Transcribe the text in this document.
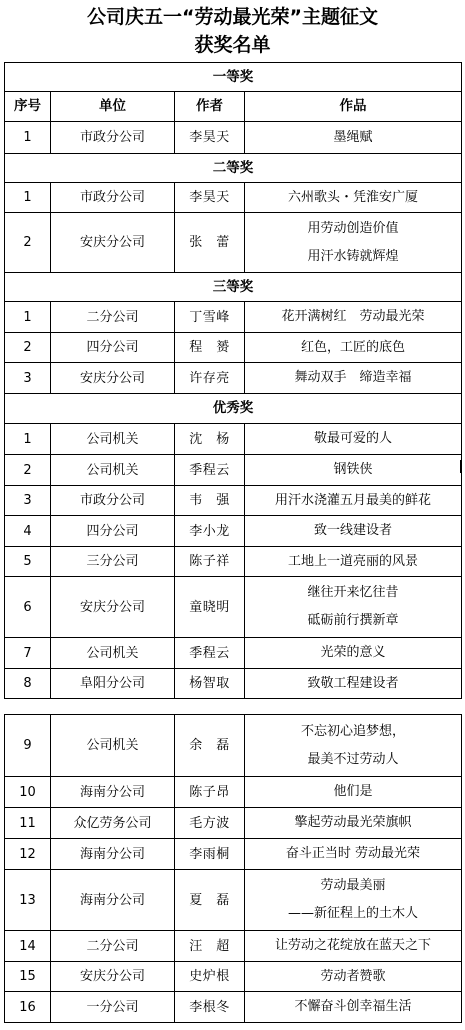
公司庆五一“劳动最光荣”主题征文
获奖名单
一等奖			
序号	单位	作者	作品
1	市政分公司	李昊天	墨绳赋

二等奖			
1	市政分公司	李昊天	六州歌头・凭淮安广厦

2	安庆分公司	张　蕾	用劳动创造价值
用汗水铸就辉煌

三等奖			
1	二分公司	丁雪峰	花开满树红　劳动最光荣

2	四分公司	程　赟	红色，工匠的底色

3	安庆分公司	许存亮	舞动双手　缔造幸福

优秀奖			
1	公司机关	沈　杨	敬最可爱的人

2	公司机关	季程云	钢铁侠

3	市政分公司	韦　强	用汗水浇灌五月最美的鲜花

4	四分公司	李小龙	致一线建设者

5	三分公司	陈子祥	工地上一道亮丽的风景

6	安庆分公司	童晓明	继往开来忆往昔
砥砺前行撰新章

7	公司机关	季程云	光荣的意义

8	阜阳分公司	杨智取	致敬工程建设者
9	公司机关	余　磊	不忘初心追梦想，
最美不过劳动人

10	海南分公司	陈子昂	他们是

11	众亿劳务公司	毛方波	擎起劳动最光荣旗帜

12	海南分公司	李雨桐	奋斗正当时 劳动最光荣

13	海南分公司	夏　磊	劳动最美丽
——新征程上的土木人

14	二分公司	汪　超	让劳动之花绽放在蓝天之下

15	安庆分公司	史炉根	劳动者赞歌

16	一分公司	李根冬	不懈奋斗创幸福生活
